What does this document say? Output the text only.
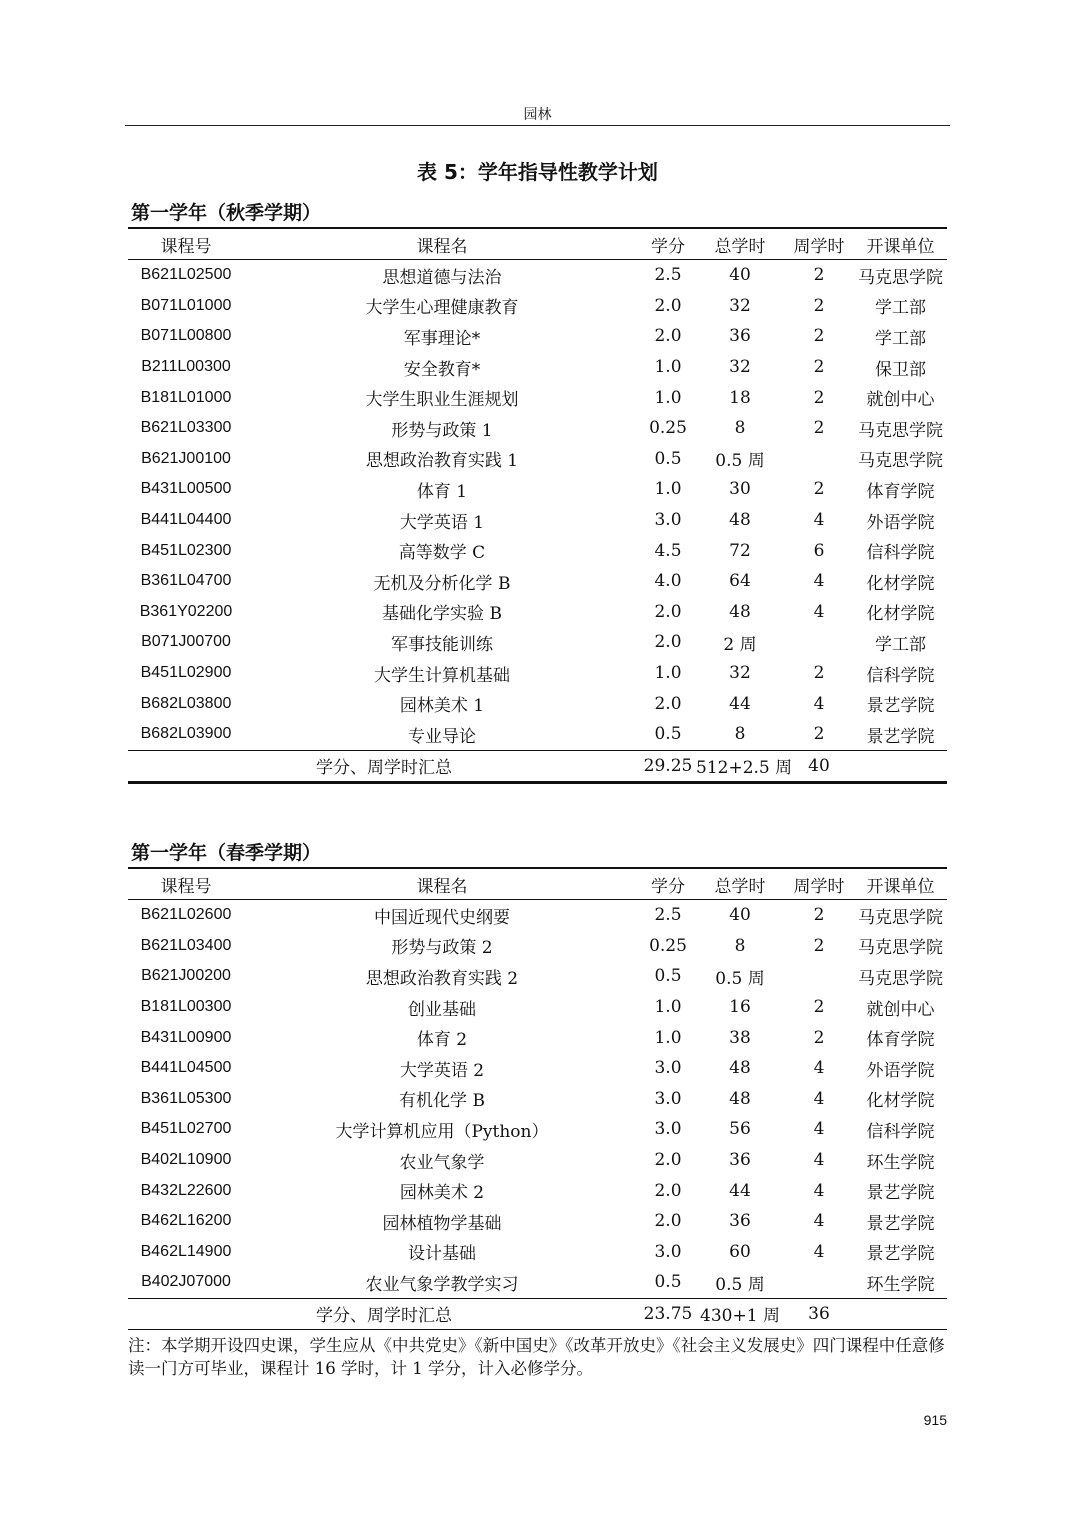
园林
表 5：学年指导性教学计划
第一学年（秋季学期）
课程号	课程名	学分	总学时	周学时	开课单位
B621L02500	思想道德与法治	2.5	40	2	马克思学院
B071L01000	大学生心理健康教育	2.0	32	2	学工部
B071L00800	军事理论*	2.0	36	2	学工部
B211L00300	安全教育*	1.0	32	2	保卫部
B181L01000	大学生职业生涯规划	1.0	18	2	就创中心
B621L03300	形势与政策 1	0.25	8	2	马克思学院
B621J00100	思想政治教育实践 1	0.5	0.5 周		马克思学院
B431L00500	体育 1	1.0	30	2	体育学院
B441L04400	大学英语 1	3.0	48	4	外语学院
B451L02300	高等数学 C	4.5	72	6	信科学院
B361L04700	无机及分析化学 B	4.0	64	4	化材学院
B361Y02200	基础化学实验 B	2.0	48	4	化材学院
B071J00700	军事技能训练	2.0	2 周		学工部
B451L02900	大学生计算机基础	1.0	32	2	信科学院
B682L03800	园林美术 1	2.0	44	4	景艺学院
B682L03900	专业导论	0.5	8	2	景艺学院
学分、周学时汇总		29.25	512+2.5 周	40	
第一学年（春季学期）
课程号	课程名	学分	总学时	周学时	开课单位
B621L02600	中国近现代史纲要	2.5	40	2	马克思学院
B621L03400	形势与政策 2	0.25	8	2	马克思学院
B621J00200	思想政治教育实践 2	0.5	0.5 周		马克思学院
B181L00300	创业基础	1.0	16	2	就创中心
B431L00900	体育 2	1.0	38	2	体育学院
B441L04500	大学英语 2	3.0	48	4	外语学院
B361L05300	有机化学 B	3.0	48	4	化材学院
B451L02700	大学计算机应用（Python）	3.0	56	4	信科学院
B402L10900	农业气象学	2.0	36	4	环生学院
B432L22600	园林美术 2	2.0	44	4	景艺学院
B462L16200	园林植物学基础	2.0	36	4	景艺学院
B462L14900	设计基础	3.0	60	4	景艺学院
B402J07000	农业气象学教学实习	0.5	0.5 周		环生学院
学分、周学时汇总		23.75	430+1 周	36	
注：本学期开设四史课，学生应从《中共党史》《新中国史》《改革开放史》《社会主义发展史》四门课程中任意修读一门方可毕业，课程计 16 学时，计 1 学分，计入必修学分。
915
